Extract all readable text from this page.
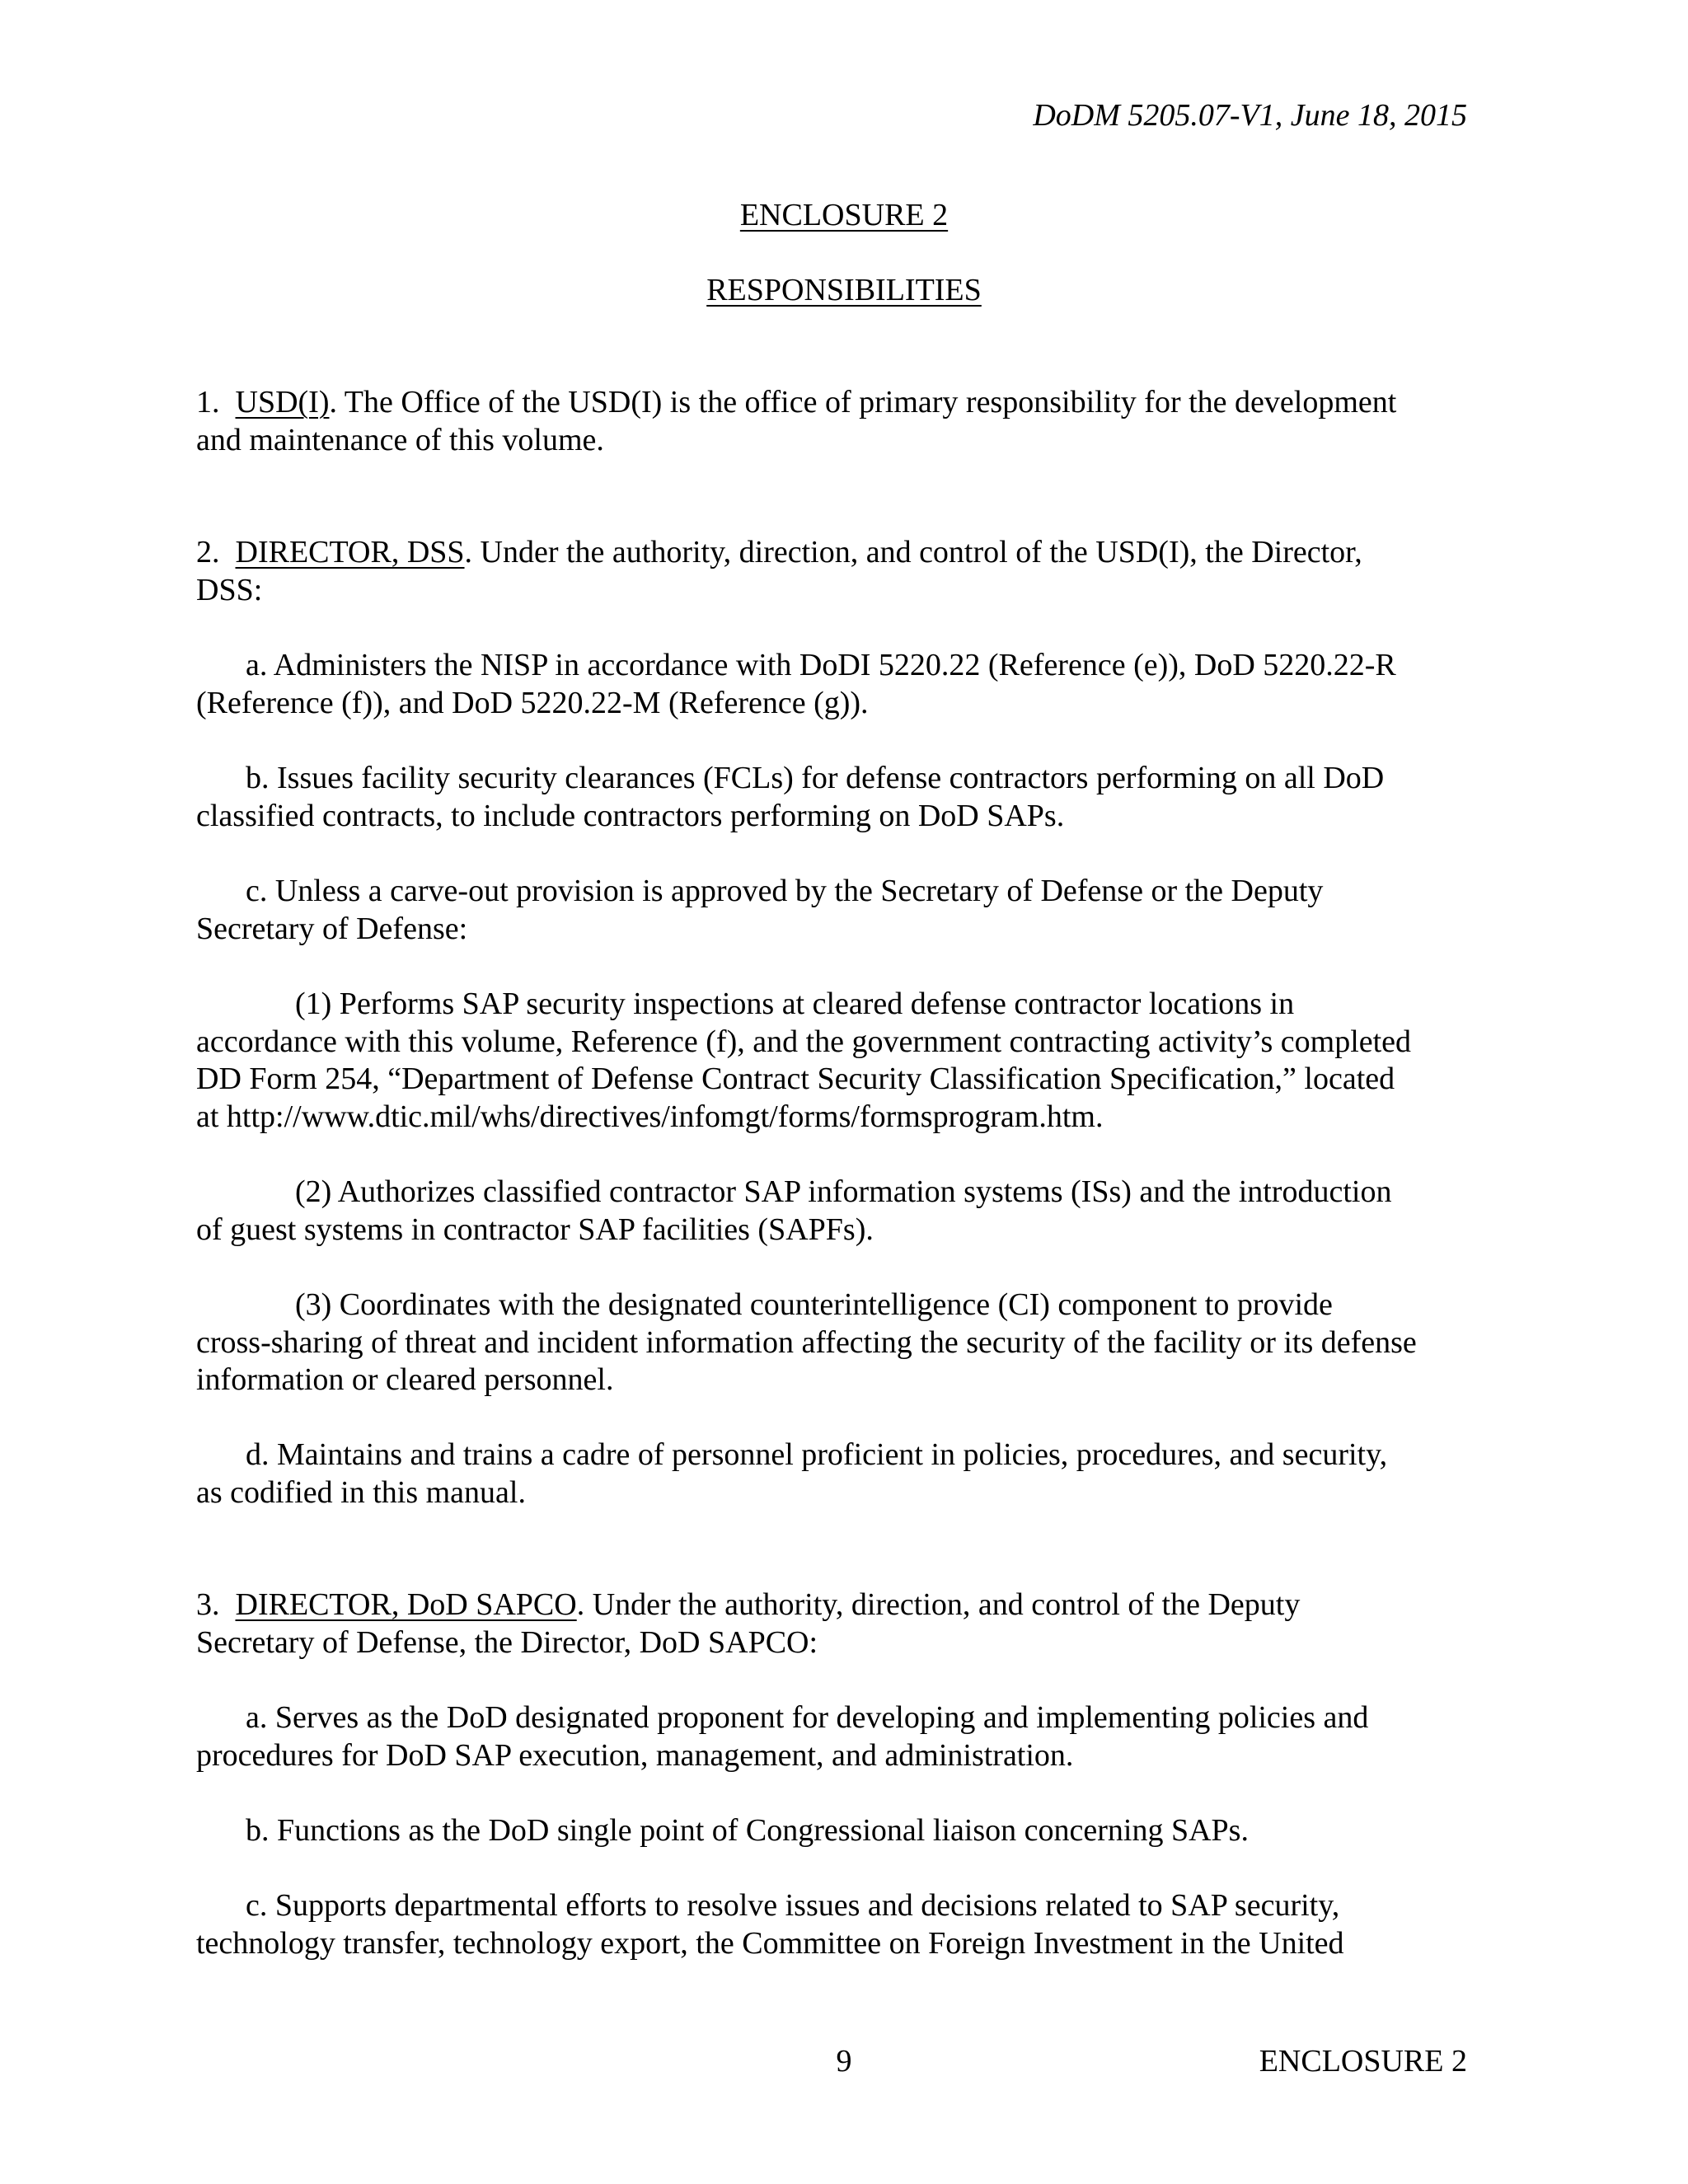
DoDM 5205.07-V1, June 18, 2015
ENCLOSURE 2
RESPONSIBILITIES
1. USD(I). The Office of the USD(I) is the office of primary responsibility for the development
and maintenance of this volume.
2. DIRECTOR, DSS. Under the authority, direction, and control of the USD(I), the Director,
DSS:
a. Administers the NISP in accordance with DoDI 5220.22 (Reference (e)), DoD 5220.22-R
(Reference (f)), and DoD 5220.22-M (Reference (g)).
b. Issues facility security clearances (FCLs) for defense contractors performing on all DoD
classified contracts, to include contractors performing on DoD SAPs.
c. Unless a carve-out provision is approved by the Secretary of Defense or the Deputy
Secretary of Defense:
(1) Performs SAP security inspections at cleared defense contractor locations in
accordance with this volume, Reference (f), and the government contracting activity’s completed
DD Form 254, “Department of Defense Contract Security Classification Specification,” located
at http://www.dtic.mil/whs/directives/infomgt/forms/formsprogram.htm.
(2) Authorizes classified contractor SAP information systems (ISs) and the introduction
of guest systems in contractor SAP facilities (SAPFs).
(3) Coordinates with the designated counterintelligence (CI) component to provide
cross-sharing of threat and incident information affecting the security of the facility or its defense
information or cleared personnel.
d. Maintains and trains a cadre of personnel proficient in policies, procedures, and security,
as codified in this manual.
3. DIRECTOR, DoD SAPCO. Under the authority, direction, and control of the Deputy
Secretary of Defense, the Director, DoD SAPCO:
a. Serves as the DoD designated proponent for developing and implementing policies and
procedures for DoD SAP execution, management, and administration.
b. Functions as the DoD single point of Congressional liaison concerning SAPs.
c. Supports departmental efforts to resolve issues and decisions related to SAP security,
technology transfer, technology export, the Committee on Foreign Investment in the United
9	ENCLOSURE 2
